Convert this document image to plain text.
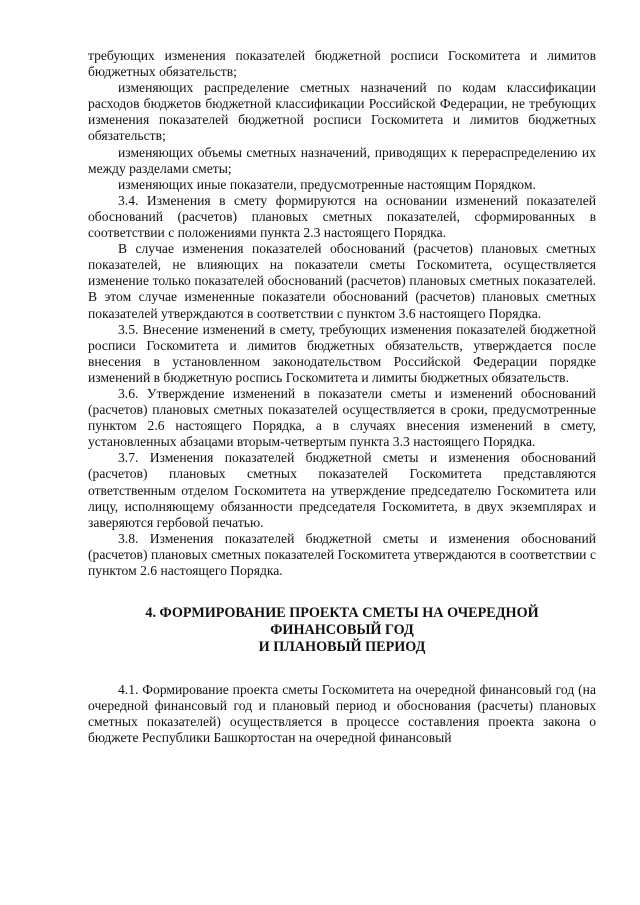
требующих изменения показателей бюджетной росписи Госкомитета и лимитов бюджетных обязательств;

изменяющих распределение сметных назначений по кодам классификации расходов бюджетов бюджетной классификации Российской Федерации, не требующих изменения показателей бюджетной росписи Госкомитета и лимитов бюджетных обязательств;

изменяющих объемы сметных назначений, приводящих к перераспределению их между разделами сметы;

изменяющих иные показатели, предусмотренные настоящим Порядком.

3.4. Изменения в смету формируются на основании изменений показателей обоснований (расчетов) плановых сметных показателей, сформированных в соответствии с положениями пункта 2.3 настоящего Порядка.

В случае изменения показателей обоснований (расчетов) плановых сметных показателей, не влияющих на показатели сметы Госкомитета, осуществляется изменение только показателей обоснований (расчетов) плановых сметных показателей. В этом случае измененные показатели обоснований (расчетов) плановых сметных показателей утверждаются в соответствии с пунктом 3.6 настоящего Порядка.

3.5. Внесение изменений в смету, требующих изменения показателей бюджетной росписи Госкомитета и лимитов бюджетных обязательств, утверждается после внесения в установленном законодательством Российской Федерации порядке изменений в бюджетную роспись Госкомитета и лимиты бюджетных обязательств.

3.6. Утверждение изменений в показатели сметы и изменений обоснований (расчетов) плановых сметных показателей осуществляется в сроки, предусмотренные пунктом 2.6 настоящего Порядка, а в случаях внесения изменений в смету, установленных абзацами вторым-четвертым пункта 3.3 настоящего Порядка.

3.7. Изменения показателей бюджетной сметы и изменения обоснований (расчетов) плановых сметных показателей Госкомитета представляются ответственным отделом Госкомитета на утверждение председателю Госкомитета или лицу, исполняющему обязанности председателя Госкомитета, в двух экземплярах и заверяются гербовой печатью.

3.8. Изменения показателей бюджетной сметы и изменения обоснований (расчетов) плановых сметных показателей Госкомитета утверждаются в соответствии с пунктом 2.6 настоящего Порядка.

4. ФОРМИРОВАНИЕ ПРОЕКТА СМЕТЫ НА ОЧЕРЕДНОЙ
ФИНАНСОВЫЙ ГОД
И ПЛАНОВЫЙ ПЕРИОД

4.1. Формирование проекта сметы Госкомитета на очередной финансовый год (на очередной финансовый год и плановый период и обоснования (расчеты) плановых сметных показателей) осуществляется в процессе составления проекта закона о бюджете Республики Башкортостан на очередной финансовый
